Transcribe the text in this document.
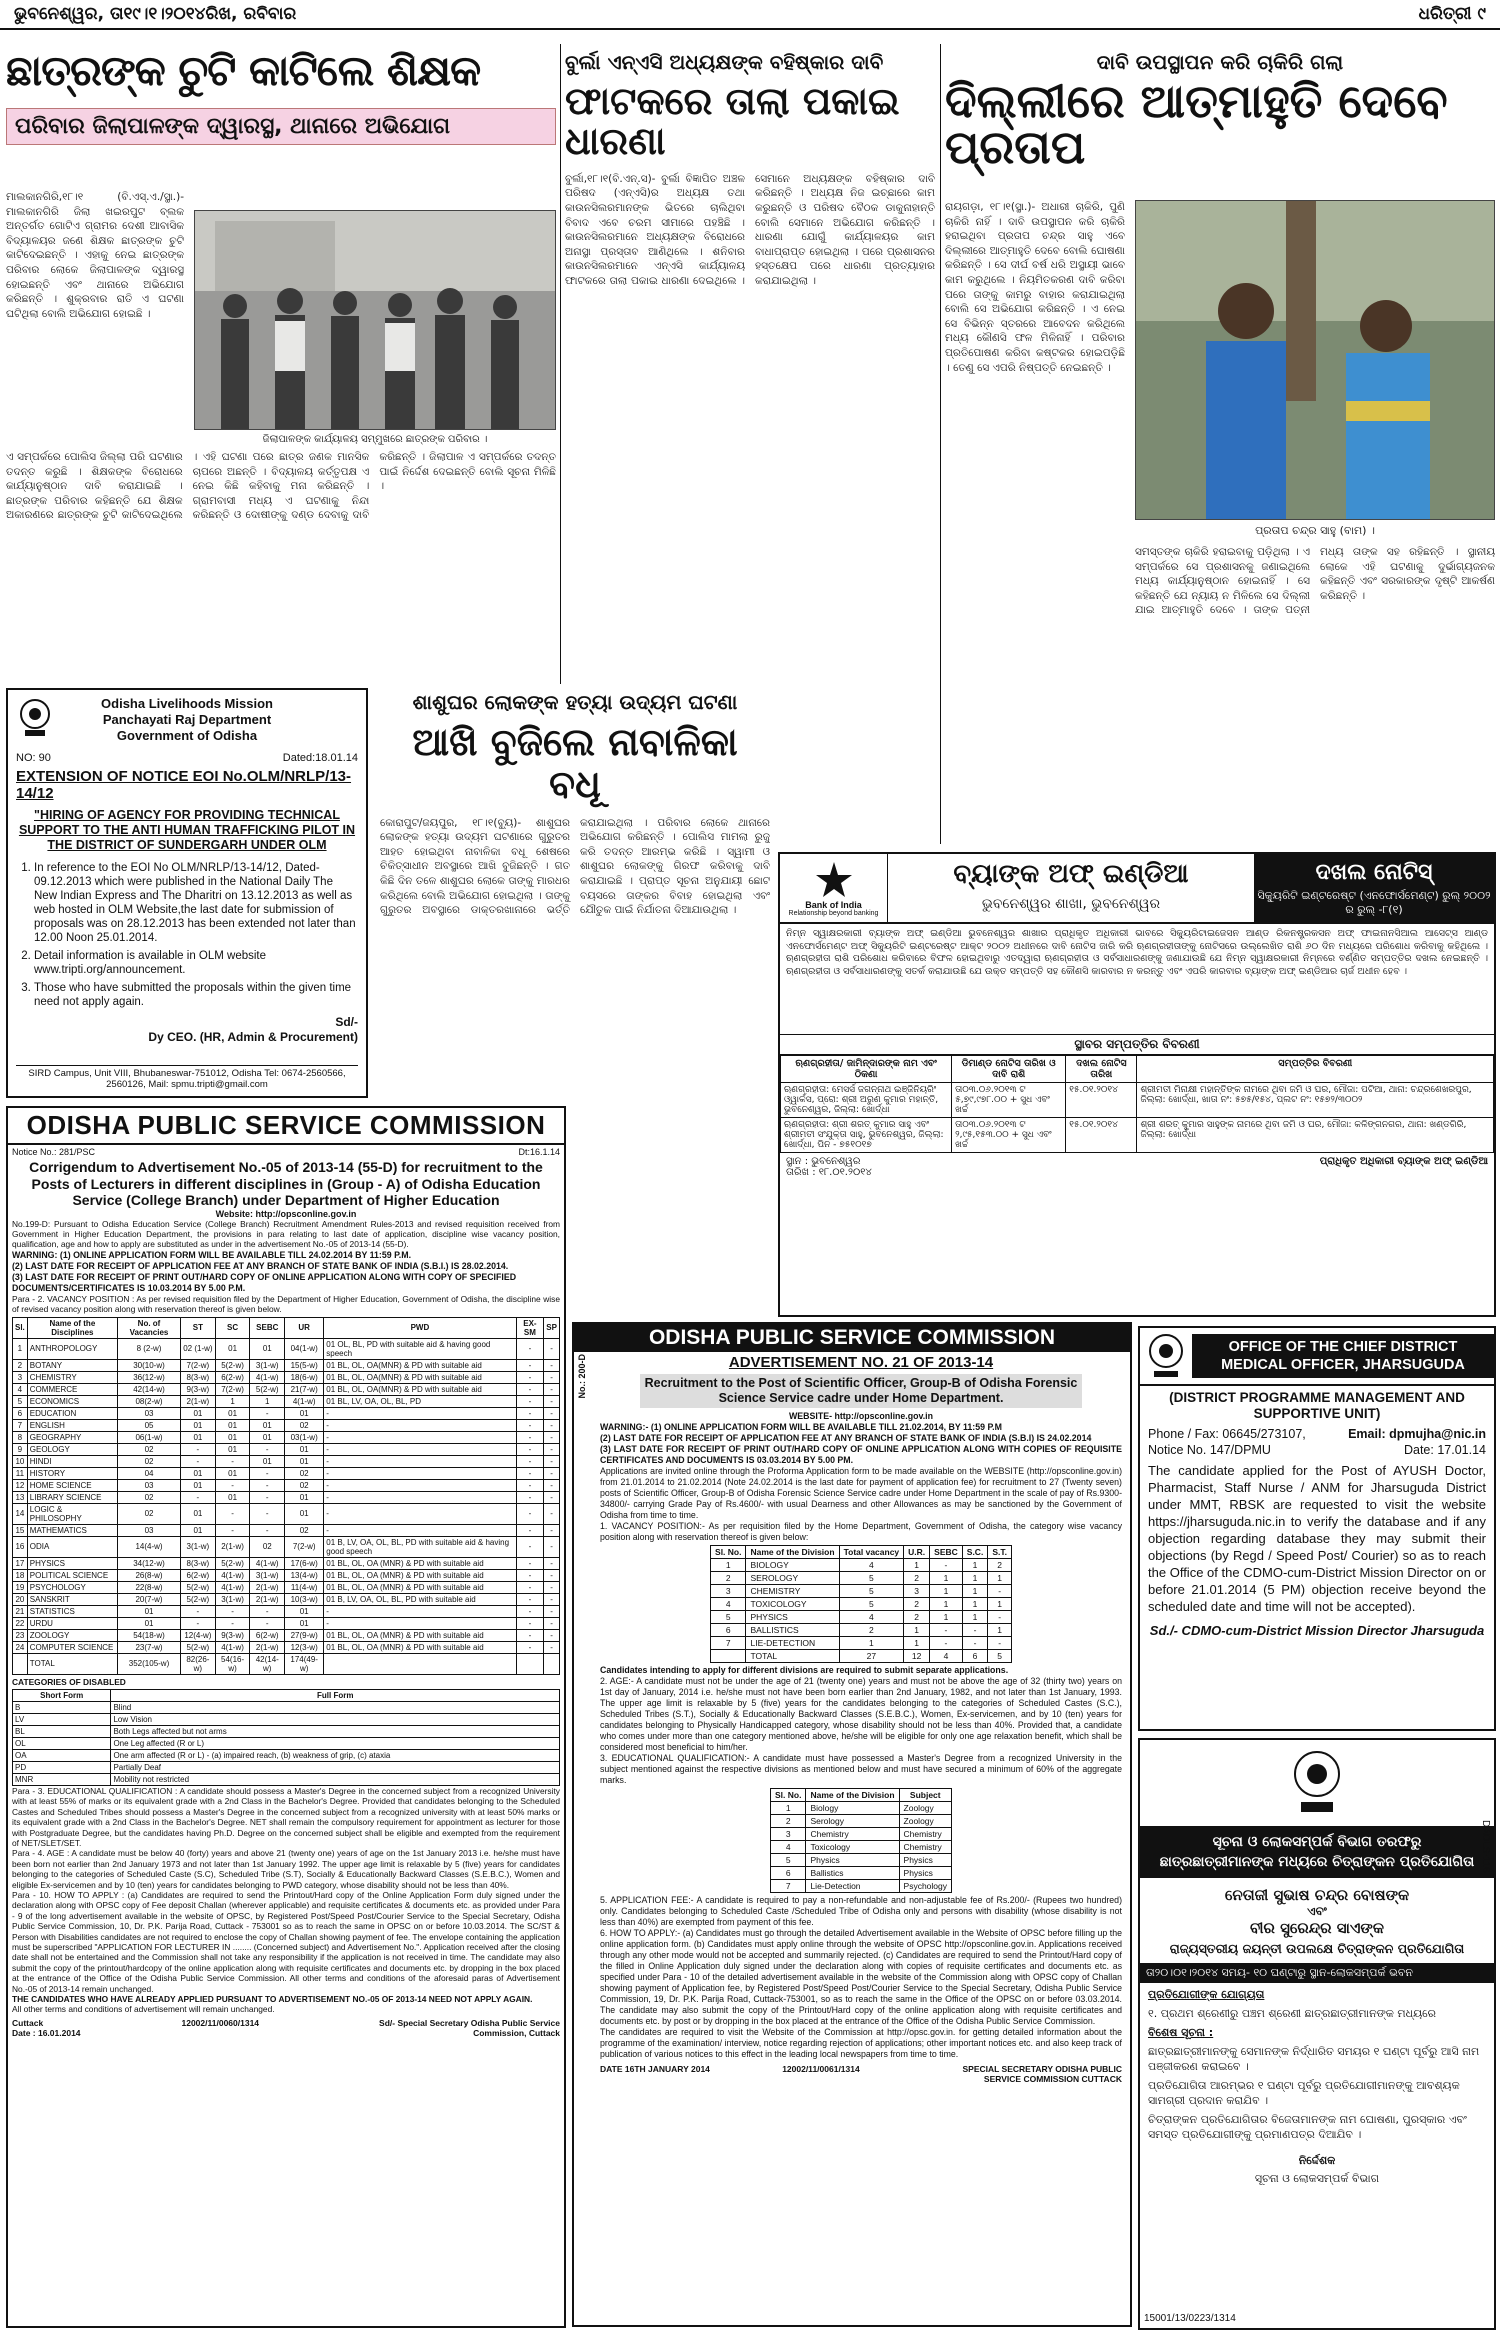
ଭୁବନେଶ୍ୱର, ତା୧୯।୧।୨୦୧୪ରିଖ, ରବିବାର	ଧରିତ୍ରୀ ୯
ଛାତ୍ରଙ୍କ ଚୁଟି କାଟିଲେ ଶିକ୍ଷକ
ପରିବାର ଜିଲାପାଳଙ୍କ ଦ୍ୱାରସ୍ଥ, ଥାନାରେ ଅଭିଯୋଗ
ମାଲକାନଗିରି,୧୮।୧ (ବି.ଏସ୍.ଏ./ସ୍ଥା.)- ମାଲକାନଗିରି ଜିଲା ଖଇରପୁଟ ବ୍ଲକ ଅନ୍ତର୍ଗତ ଗୋଟିଏ ଗ୍ରାମର ଦେଶୀ ଆବାସିକ ବିଦ୍ୟାଳୟର ଜଣେ ଶିକ୍ଷକ ଛାତ୍ରଙ୍କ ଚୁଟି କାଟିଦେଇଛନ୍ତି । ଏହାକୁ ନେଇ ଛାତ୍ରଙ୍କ ପରିବାର ଲୋକେ ଜିଲାପାଳଙ୍କ ଦ୍ୱାରସ୍ଥ ହୋଇଛନ୍ତି ଏବଂ ଥାନାରେ ଅଭିଯୋଗ କରିଛନ୍ତି । ଶୁକ୍ରବାର ରାତି ଏ ଘଟଣା ଘଟିଥିଲା ବୋଲି ଅଭିଯୋଗ ହୋଇଛି ।
ଜିଲାପାଳଙ୍କ କାର୍ଯ୍ୟାଳୟ ସମ୍ମୁଖରେ ଛାତ୍ରଙ୍କ ପରିବାର ।
ଏ ସମ୍ପର୍କରେ ପୋଲିସ ଜିଲ୍ଲା ପରି ଘଟଣାର ତଦନ୍ତ କରୁଛି । ଶିକ୍ଷକଙ୍କ ବିରୋଧରେ କାର୍ଯ୍ୟାନୁଷ୍ଠାନ ଦାବି କରାଯାଇଛି । ଛାତ୍ରଙ୍କ ପରିବାର କହିଛନ୍ତି ଯେ ଶିକ୍ଷକ ଅକାରଣରେ ଛାତ୍ରଙ୍କ ଚୁଟି କାଟିଦେଇଥିଲେ । ଏହି ଘଟଣା ପରେ ଛାତ୍ର ଜଣକ ମାନସିକ ଚାପରେ ଅଛନ୍ତି । ବିଦ୍ୟାଳୟ କର୍ତ୍ତୃପକ୍ଷ ଏ ନେଇ କିଛି କହିବାକୁ ମନା କରିଛନ୍ତି । ଗ୍ରାମବାସୀ ମଧ୍ୟ ଏ ଘଟଣାକୁ ନିନ୍ଦା କରିଛନ୍ତି ଓ ଦୋଷୀଙ୍କୁ ଦଣ୍ଡ ଦେବାକୁ ଦାବି କରିଛନ୍ତି । ଜିଲାପାଳ ଏ ସମ୍ପର୍କରେ ତଦନ୍ତ ପାଇଁ ନିର୍ଦ୍ଦେଶ ଦେଇଛନ୍ତି ବୋଲି ସୂଚନା ମିଳିଛି ।
ବୁର୍ଲା ଏନ୍‌ଏସି ଅଧ୍ୟକ୍ଷଙ୍କ ବହିଷ୍କାର ଦାବି
ଫାଟକରେ ତାଲା ପକାଇ ଧାରଣା
ବୁର୍ଲା,୧୮।୧(ବି.ଏନ୍.ସ)- ବୁର୍ଲା ବିଜ୍ଞାପିତ ଅଞ୍ଚଳ ପରିଷଦ (ଏନ୍‌ଏସି)ର ଅଧ୍ୟକ୍ଷ ତଥା କାଉନସିଲରମାନଙ୍କ ଭିତରେ ଚାଲିଥିବା ବିବାଦ ଏବେ ଚରମ ସୀମାରେ ପହଞ୍ଚିଛି । କାଉନସିଲରମାନେ ଅଧ୍ୟକ୍ଷଙ୍କ ବିରୋଧରେ ଅନାସ୍ଥା ପ୍ରସ୍ତାବ ଆଣିଥିଲେ । ଶନିବାର କାଉନସିଲରମାନେ ଏନ୍‌ଏସି କାର୍ଯ୍ୟାଳୟ ଫାଟକରେ ତାଲା ପକାଇ ଧାରଣା ଦେଇଥିଲେ । ସେମାନେ ଅଧ୍ୟକ୍ଷଙ୍କ ବହିଷ୍କାର ଦାବି କରିଛନ୍ତି । ଅଧ୍ୟକ୍ଷ ନିଜ ଇଚ୍ଛାରେ କାମ କରୁଛନ୍ତି ଓ ପରିଷଦ ବୈଠକ ଡାକୁନାହାନ୍ତି ବୋଲି ସେମାନେ ଅଭିଯୋଗ କରିଛନ୍ତି । ଧାରଣା ଯୋଗୁଁ କାର୍ଯ୍ୟାଳୟର କାମ ବାଧାପ୍ରାପ୍ତ ହୋଇଥିଲା । ପରେ ପ୍ରଶାସନର ହସ୍ତକ୍ଷେପ ପରେ ଧାରଣା ପ୍ରତ୍ୟାହାର କରାଯାଇଥିଲା ।
ଦାବି ଉପସ୍ଥାପନ କରି ଚାକିରି ଗଲା
ଦିଲ୍ଲୀରେ ଆତ୍ମାହୁତି ଦେବେ ପ୍ରତାପ
ରାୟଗଡ଼ା, ୧୮।୧(ସ୍ଥା.)- ଅଧାରୀ ଚାକିରି, ପୁଣି ଚାକିରି ନାହିଁ । ଦାବି ଉପସ୍ଥାପନ କରି ଚାକିରି ହରାଇଥିବା ପ୍ରତାପ ଚନ୍ଦ୍ର ସାହୁ ଏବେ ଦିଲ୍ଲୀରେ ଆତ୍ମାହୁତି ଦେବେ ବୋଲି ଘୋଷଣା କରିଛନ୍ତି । ସେ ଦୀର୍ଘ ବର୍ଷ ଧରି ଅସ୍ଥାୟୀ ଭାବେ କାମ କରୁଥିଲେ । ନିୟମିତକରଣ ଦାବି କରିବା ପରେ ତାଙ୍କୁ କାମରୁ ବାହାର କରାଯାଇଥିଲା ବୋଲି ସେ ଅଭିଯୋଗ କରିଛନ୍ତି । ଏ ନେଇ ସେ ବିଭିନ୍ନ ସ୍ତରରେ ଆବେଦନ କରିଥିଲେ ମଧ୍ୟ କୌଣସି ଫଳ ମିଳିନାହିଁ । ପରିବାର ପ୍ରତିପୋଷଣ କରିବା କଷ୍ଟକର ହୋଇପଡ଼ିଛି । ତେଣୁ ସେ ଏପରି ନିଷ୍ପତ୍ତି ନେଇଛନ୍ତି ।
ପ୍ରତାପ ଚନ୍ଦ୍ର ସାହୁ (ବାମ) ।
ସମସ୍ତଙ୍କ ଚାକିରି ହରାଇବାକୁ ପଡ଼ିଥିଲା । ଏ ସମ୍ପର୍କରେ ସେ ପ୍ରଶାସନକୁ ଜଣାଇଥିଲେ ମଧ୍ୟ କାର୍ଯ୍ୟାନୁଷ୍ଠାନ ହୋଇନାହିଁ । ସେ କହିଛନ୍ତି ଯେ ନ୍ୟାୟ ନ ମିଳିଲେ ସେ ଦିଲ୍ଲୀ ଯାଇ ଆତ୍ମାହୁତି ଦେବେ । ତାଙ୍କ ପତ୍ନୀ ମଧ୍ୟ ତାଙ୍କ ସହ ରହିଛନ୍ତି । ସ୍ଥାନୀୟ ଲୋକେ ଏହି ଘଟଣାକୁ ଦୁର୍ଭାଗ୍ୟଜନକ କହିଛନ୍ତି ଏବଂ ସରକାରଙ୍କ ଦୃଷ୍ଟି ଆକର୍ଷଣ କରିଛନ୍ତି ।
Odisha Livelihoods Mission
Panchayati Raj Department
Government of Odisha
NO: 90	Dated:18.01.14
EXTENSION OF NOTICE EOI No.OLM/NRLP/13-14/12
"HIRING OF AGENCY FOR PROVIDING TECHNICAL SUPPORT TO THE ANTI HUMAN TRAFFICKING PILOT IN THE DISTRICT OF SUNDERGARH UNDER OLM
1. In reference to the EOI No OLM/NRLP/13-14/12, Dated- 09.12.2013 which were published in the National Daily The New Indian Express and The Dharitri on 13.12.2013 as well as web hosted in OLM Website,the last date for submission of proposals was on 28.12.2013 has been extended not later than 12.00 Noon 25.01.2014.
2. Detail information is available in OLM website www.tripti.org/announcement.
3. Those who have submitted the proposals within the given time need not apply again.
Sd/-
Dy CEO. (HR, Admin & Procurement)
SIRD Campus, Unit VIII, Bhubaneswar-751012, Odisha Tel: 0674-2560566, 2560126, Mail: spmu.tripti@gmail.com
ଶାଶୁଘର ଲୋକଙ୍କ ହତ୍ୟା ଉଦ୍ୟମ ଘଟଣା
ଆଖି ବୁଜିଲେ ନାବାଳିକା ବଧୂ
କୋରାପୁଟ/ଜୟପୁର, ୧୮।୧(ବ୍ୟୁ)- ଶାଶୁଘର ଲୋକଙ୍କ ହତ୍ୟା ଉଦ୍ୟମ ଘଟଣାରେ ଗୁରୁତର ଆହତ ହୋଇଥିବା ନାବାଳିକା ବଧୂ ଶେଷରେ ଚିକିତ୍ସାଧୀନ ଅବସ୍ଥାରେ ଆଖି ବୁଜିଛନ୍ତି । ଗତ କିଛି ଦିନ ତଳେ ଶାଶୁଘର ଲୋକେ ତାଙ୍କୁ ମାରଧର କରିଥିଲେ ବୋଲି ଅଭିଯୋଗ ହୋଇଥିଲା । ତାଙ୍କୁ ଗୁରୁତର ଅବସ୍ଥାରେ ଡାକ୍ତରଖାନାରେ ଭର୍ତ୍ତି କରାଯାଇଥିଲା । ପରିବାର ଲୋକେ ଥାନାରେ ଅଭିଯୋଗ କରିଛନ୍ତି । ପୋଲିସ ମାମଲା ରୁଜୁ କରି ତଦନ୍ତ ଆରମ୍ଭ କରିଛି । ସ୍ୱାମୀ ଓ ଶାଶୁଘର ଲୋକଙ୍କୁ ଗିରଫ କରିବାକୁ ଦାବି କରାଯାଇଛି । ପ୍ରାପ୍ତ ସୂଚନା ଅନୁଯାୟୀ ଛୋଟ ବୟସରେ ତାଙ୍କର ବିବାହ ହୋଇଥିଲା ଏବଂ ଯୌତୁକ ପାଇଁ ନିର୍ଯାତନା ଦିଆଯାଉଥିଲା ।	Bank of India
Relationship beyond banking
ବ୍ୟାଙ୍କ ଅଫ୍ ଇଣ୍ଡିଆ
ଭୁବନେଶ୍ୱର ଶାଖା, ଭୁବନେଶ୍ୱର
ଦଖଲ ନୋଟିସ୍
ସିକ୍ୟୁରିଟି ଇଣ୍ଟରେଷ୍ଟ (ଏନଫୋର୍ସମେଣ୍ଟ) ରୁଲ୍ ୨୦୦୨ ର ରୁଲ୍ -୮(୧)
ନିମ୍ନ ସ୍ୱାକ୍ଷରକାରୀ ବ୍ୟାଙ୍କ ଅଫ୍ ଇଣ୍ଡିଆ ଭୁବନେଶ୍ୱର ଶାଖାର ପ୍ରାଧିକୃତ ଅଧିକାରୀ ଭାବରେ ସିକ୍ୟୁରିଟାଇଜେସନ ଆଣ୍ଡ ରିକନଷ୍ଟ୍ରକସନ ଅଫ୍ ଫାଇନାନସିଆଲ ଆସେଟ୍ସ ଆଣ୍ଡ ଏନଫୋର୍ସମେଣ୍ଟ ଅଫ୍ ସିକ୍ୟୁରିଟି ଇଣ୍ଟରେଷ୍ଟ ଆକ୍ଟ ୨୦୦୨ ଅଧୀନରେ ଦାବି ନୋଟିସ ଜାରି କରି ଋଣଗ୍ରହୀତାଙ୍କୁ ନୋଟିସରେ ଉଲ୍ଲେଖିତ ରାଶି ୬୦ ଦିନ ମଧ୍ୟରେ ପରିଶୋଧ କରିବାକୁ କହିଥିଲେ । ଋଣଗ୍ରହୀତା ରାଶି ପରିଶୋଧ କରିବାରେ ବିଫଳ ହୋଇଥିବାରୁ ଏତଦ୍ୱାରା ଋଣଗ୍ରହୀତା ଓ ସର୍ବସାଧାରଣଙ୍କୁ ଜଣାଯାଉଛି ଯେ ନିମ୍ନ ସ୍ୱାକ୍ଷରକାରୀ ନିମ୍ନରେ ବର୍ଣ୍ଣିତ ସମ୍ପତ୍ତିର ଦଖଲ ନେଇଛନ୍ତି । ଋଣଗ୍ରହୀତା ଓ ସର୍ବସାଧାରଣଙ୍କୁ ସତର୍କ କରାଯାଉଛି ଯେ ଉକ୍ତ ସମ୍ପତ୍ତି ସହ କୌଣସି କାରବାର ନ କରନ୍ତୁ ଏବଂ ଏପରି କାରବାର ବ୍ୟାଙ୍କ ଅଫ୍ ଇଣ୍ଡିଆର ଚାର୍ଜ ଅଧୀନ ହେବ ।
ସ୍ଥାବର ସମ୍ପତ୍ତିର ବିବରଣୀ
ଋଣଗ୍ରହୀତା/ ଜାମିନ୍‌ଦାରଙ୍କ ନାମ ଏବଂ ଠିକଣା	ଡିମାଣ୍ଡ ନୋଟିସ ତାରିଖ ଓ ଦାବି ରାଶି	ଦଖଲ ନୋଟିସ ତାରିଖ	ସମ୍ପତ୍ତିର ବିବରଣୀ
ଋଣଗ୍ରହୀତା: ମେସର୍ସ ଜଗନ୍ନାଥ ଇଞ୍ଜିନିୟରିଂ ଓ୍ୱାର୍କସ, ପ୍ରୋ: ଶ୍ରୀ ଅରୁଣ କୁମାର ମହାନ୍ତି, ଭୁବନେଶ୍ୱର, ଜିଲ୍ଲା: ଖୋର୍ଦ୍ଧା	ତା୦୩.୦୬.୨୦୧୩ ଟ ୫,୭୯,୯୭୮.୦୦ + ସୁଧ ଏବଂ ଖର୍ଚ୍ଚ	୧୫.୦୧.୨୦୧୪	ଶ୍ରୀମତୀ ମିନାକ୍ଷୀ ମହାନ୍ତିଙ୍କ ନାମରେ ଥିବା ଜମି ଓ ଘର, ମୌଜା: ପଟିଆ, ଥାନା: ଚନ୍ଦ୍ରଶେଖରପୁର, ଜିଲ୍ଲା: ଖୋର୍ଦ୍ଧା, ଖାତା ନଂ: ୫୭୫/୧୫୪, ପ୍ଲଟ ନଂ: ୧୫୭୨/୩୦୦୨
ଋଣଗ୍ରହୀତା: ଶ୍ରୀ ଶରତ୍ କୁମାର ସାହୁ ଏବଂ ଶ୍ରୀମତୀ ସଂଯୁକ୍ତା ସାହୁ, ଭୁବନେଶ୍ୱର, ଜିଲ୍ଲା: ଖୋର୍ଦ୍ଧା, ପିନ - ୭୫୧୦୧୭	ତା୦୩.୦୬.୨୦୧୩ ଟ ୨,୯୫,୧୫୩.୦୦ + ସୁଧ ଏବଂ ଖର୍ଚ୍ଚ	୧୫.୦୧.୨୦୧୪	ଶ୍ରୀ ଶରତ୍ କୁମାର ସାହୁଙ୍କ ନାମରେ ଥିବା ଜମି ଓ ଘର, ମୌଜା: କଳିଙ୍ଗନଗର, ଥାନା: ଖଣ୍ଡଗିରି, ଜିଲ୍ଲା: ଖୋର୍ଦ୍ଧା
ସ୍ଥାନ : ଭୁବନେଶ୍ୱର
ତାରିଖ : ୧୮.୦୧.୨୦୧୪
ପ୍ରାଧିକୃତ ଅଧିକାରୀ ବ୍ୟାଙ୍କ ଅଫ୍ ଇଣ୍ଡିଆ
ODISHA PUBLIC SERVICE COMMISSION
Notice No.: 281/PSC	Dt:16.1.14
Corrigendum to Advertisement No.-05 of 2013-14 (55-D) for recruitment to the Posts of Lecturers in different disciplines in (Group - A) of Odisha Education Service (College Branch) under Department of Higher Education
Website: http://opsconline.gov.in
No.199-D: Pursuant to Odisha Education Service (College Branch) Recruitment Amendment Rules-2013 and revised requisition received from Government in Higher Education Department, the provisions in para relating to last date of application, discipline wise vacancy position, qualification, age and how to apply are substituted as under in the advertisement No.-05 of 2013-14 (55-D).
WARNING: (1) ONLINE APPLICATION FORM WILL BE AVAILABLE TILL 24.02.2014 BY 11:59 P.M.
(2) LAST DATE FOR RECEIPT OF APPLICATION FEE AT ANY BRANCH OF STATE BANK OF INDIA (S.B.I.) IS 28.02.2014.
(3) LAST DATE FOR RECEIPT OF PRINT OUT/HARD COPY OF ONLINE APPLICATION ALONG WITH COPY OF SPECIFIED DOCUMENTS/CERTIFICATES IS 10.03.2014 BY 5.00 P.M.
Para - 2. VACANCY POSITION : As per revised requisition filed by the Department of Higher Education, Government of Odisha, the discipline wise of revised vacancy position along with reservation thereof is given below.
Sl.	Name of the Disciplines	No. of Vacancies	ST	SC	SEBC	UR	PWD	EX-SM	SP
1	ANTHROPOLOGY	8 (2-w)	02 (1-w)	01	01	04(1-w)	01 OL, BL, PD with suitable aid & having good speech	-	-
2	BOTANY	30(10-w)	7(2-w)	5(2-w)	3(1-w)	15(5-w)	01 BL, OL, OA(MNR) & PD with suitable aid	-	-
3	CHEMISTRY	36(12-w)	8(3-w)	6(2-w)	4(1-w)	18(6-w)	01 BL, OL, OA(MNR) & PD with suitable aid	-	-
4	COMMERCE	42(14-w)	9(3-w)	7(2-w)	5(2-w)	21(7-w)	01 BL, OL, OA(MNR) & PD with suitable aid	-	-
5	ECONOMICS	08(2-w)	2(1-w)	1	1	4(1-w)	01 BL, LV, OA, OL, BL, PD	-	-
6	EDUCATION	03	01	01	-	01	-	-	-
7	ENGLISH	05	01	01	01	02	-	-	-
8	GEOGRAPHY	06(1-w)	01	01	01	03(1-w)	-	-	-
9	GEOLOGY	02	-	01	-	01	-	-	-
10	HINDI	02	-	-	01	01	-	-	-
11	HISTORY	04	01	01	-	02	-	-	-
12	HOME SCIENCE	03	01	-	-	02	-	-	-
13	LIBRARY SCIENCE	02	-	01	-	01	-	-	-
14	LOGIC & PHILOSOPHY	02	01	-	-	01	-	-	-
15	MATHEMATICS	03	01	-	-	02	-	-	-
16	ODIA	14(4-w)	3(1-w)	2(1-w)	02	7(2-w)	01 B, LV, OA, OL, BL, PD with suitable aid & having good speech	-	-
17	PHYSICS	34(12-w)	8(3-w)	5(2-w)	4(1-w)	17(6-w)	01 BL, OL, OA (MNR) & PD with suitable aid	-	-
18	POLITICAL SCIENCE	26(8-w)	6(2-w)	4(1-w)	3(1-w)	13(4-w)	01 BL, OL, OA (MNR) & PD with suitable aid	-	-
19	PSYCHOLOGY	22(8-w)	5(2-w)	4(1-w)	2(1-w)	11(4-w)	01 BL, OL, OA (MNR) & PD with suitable aid	-	-
20	SANSKRIT	20(7-w)	5(2-w)	3(1-w)	2(1-w)	10(3-w)	01 B, LV, OA, OL, BL, PD with suitable aid	-	-
21	STATISTICS	01	-	-	-	01	-	-	-
22	URDU	01	-	-	-	01	-	-	-
23	ZOOLOGY	54(18-w)	12(4-w)	9(3-w)	6(2-w)	27(9-w)	01 BL, OL, OA (MNR) & PD with suitable aid	-	-
24	COMPUTER SCIENCE	23(7-w)	5(2-w)	4(1-w)	2(1-w)	12(3-w)	01 BL, OL, OA (MNR) & PD with suitable aid	-	-
	TOTAL	352(105-w)	82(26-w)	54(16-w)	42(14-w)	174(49-w)			
CATEGORIES OF DISABLED
Short Form	Full Form
B	Blind
LV	Low Vision
BL	Both Legs affected but not arms
OL	One Leg affected (R or L)
OA	One arm affected (R or L) - (a) impaired reach, (b) weakness of grip, (c) ataxia
PD	Partially Deaf
MNR	Mobility not restricted
Para - 3. EDUCATIONAL QUALIFICATION : A candidate should possess a Master's Degree in the concerned subject from a recognized University with at least 55% of marks or its equivalent grade with a 2nd Class in the Bachelor's Degree. Provided that candidates belonging to the Scheduled Castes and Scheduled Tribes should possess a Master's Degree in the concerned subject from a recognized university with at least 50% marks or its equivalent grade with a 2nd Class in the Bachelor's Degree. NET shall remain the compulsory requirement for appointment as lecturer for those with Postgraduate Degree, but the candidates having Ph.D. Degree on the concerned subject shall be eligible and exempted from the requirement of NET/SLET/SET.
Para - 4. AGE : A candidate must be below 40 (forty) years and above 21 (twenty one) years of age on the 1st January 2013 i.e. he/she must have been born not earlier than 2nd January 1973 and not later than 1st January 1992. The upper age limit is relaxable by 5 (five) years for candidates belonging to the categories of Scheduled Caste (S.C), Scheduled Tribe (S.T), Socially & Educationally Backward Classes (S.E.B.C.), Women and eligible Ex-servicemen and by 10 (ten) years for candidates belonging to PWD category, whose disability should not be less than 40%.
Para - 10. HOW TO APPLY : (a) Candidates are required to send the Printout/Hard copy of the Online Application Form duly signed under the declaration along with OPSC copy of Fee deposit Challan (wherever applicable) and requisite certificates & documents etc. as provided under Para - 9 of the long advertisement available in the website of OPSC, by Registered Post/Speed Post/Courier Service to the Special Secretary, Odisha Public Service Commission, 10, Dr. P.K. Parija Road, Cuttack - 753001 so as to reach the same in OPSC on or before 10.03.2014. The SC/ST & Person with Disabilities candidates are not required to enclose the copy of Challan showing payment of fee. The envelope containing the application must be superscribed "APPLICATION FOR LECTURER IN ........ (Concerned subject) and Advertisement No.". Application received after the closing date shall not be entertained and the Commission shall not take any responsibility if the application is not received in time. The candidate may also submit the copy of the printout/hardcopy of the online application along with requisite certificates and documents etc. by dropping in the box placed at the entrance of the Office of the Odisha Public Service Commission. All other terms and conditions of the aforesaid paras of Advertisement No.-05 of 2013-14 remain unchanged.
THE CANDIDATES WHO HAVE ALREADY APPLIED PURSUANT TO ADVERTISEMENT NO.-05 OF 2013-14 NEED NOT APPLY AGAIN.
All other terms and conditions of advertisement will remain unchanged.
Cuttack
Date : 16.01.2014
12002/11/0060/1314	Sd/- Special Secretary Odisha Public Service Commission, Cuttack
ODISHA PUBLIC SERVICE COMMISSION
No.: 200-D	ADVERTISEMENT NO. 21 OF 2013-14
Recruitment to the Post of Scientific Officer, Group-B of Odisha Forensic Science Service cadre under Home Department.
WEBSITE- http://opsconline.gov.in
WARNING:- (1) ONLINE APPLICATION FORM WILL BE AVAILABLE TILL 21.02.2014, BY 11:59 P.M
(2) LAST DATE FOR RECEIPT OF APPLICATION FEE AT ANY BRANCH OF STATE BANK OF INDIA (S.B.I) IS 24.02.2014
(3) LAST DATE FOR RECEIPT OF PRINT OUT/HARD COPY OF ONLINE APPLICATION ALONG WITH COPIES OF REQUISITE CERTIFICATES AND DOCUMENTS IS 03.03.2014 BY 5.00 PM.
Applications are invited online through the Proforma Application form to be made available on the WEBSITE (http://opsconline.gov.in) from 21.01.2014 to 21.02.2014 (Note 24.02.2014 is the last date for payment of application fee) for recruitment to 27 (Twenty seven) posts of Scientific Officer, Group-B of Odisha Forensic Science Service cadre under Home Department in the scale of pay of Rs.9300-34800/- carrying Grade Pay of Rs.4600/- with usual Dearness and other Allowances as may be sanctioned by the Government of Odisha from time to time.
1. VACANCY POSITION:- As per requisition filed by the Home Department, Government of Odisha, the category wise vacancy position along with reservation thereof is given below:
Sl. No.	Name of the Division	Total vacancy	U.R.	SEBC	S.C.	S.T.
1	BIOLOGY	4	1	-	1	2
2	SEROLOGY	5	2	1	1	1
3	CHEMISTRY	5	3	1	1	-
4	TOXICOLOGY	5	2	1	1	1
5	PHYSICS	4	2	1	1	-
6	BALLISTICS	2	1	-	-	1
7	LIE-DETECTION	1	1	-	-	-
	TOTAL	27	12	4	6	5
Candidates intending to apply for different divisions are required to submit separate applications.
2. AGE:- A candidate must not be under the age of 21 (twenty one) years and must not be above the age of 32 (thirty two) years on 1st day of January, 2014 i.e. he/she must not have been born earlier than 2nd January, 1982, and not later than 1st January, 1993. The upper age limit is relaxable by 5 (five) years for the candidates belonging to the categories of Scheduled Castes (S.C.), Scheduled Tribes (S.T.), Socially & Educationally Backward Classes (S.E.B.C.), Women, Ex-servicemen, and by 10 (ten) years for candidates belonging to Physically Handicapped category, whose disability should not be less than 40%. Provided that, a candidate who comes under more than one category mentioned above, he/she will be eligible for only one age relaxation benefit, which shall be considered most beneficial to him/her.
3. EDUCATIONAL QUALIFICATION:- A candidate must have possessed a Master's Degree from a recognized University in the subject mentioned against the respective divisions as mentioned below and must have secured a minimum of 60% of the aggregate marks.
Sl. No.	Name of the Division	Subject
1	Biology	Zoology
2	Serology	Zoology
3	Chemistry	Chemistry
4	Toxicology	Chemistry
5	Physics	Physics
6	Ballistics	Physics
7	Lie-Detection	Psychology
5. APPLICATION FEE:- A candidate is required to pay a non-refundable and non-adjustable fee of Rs.200/- (Rupees two hundred) only. Candidates belonging to Scheduled Caste /Scheduled Tribe of Odisha only and persons with disability (whose disability is not less than 40%) are exempted from payment of this fee.
6. HOW TO APPLY:- (a) Candidates must go through the detailed Advertisement available in the Website of OPSC before filling up the online application form. (b) Candidates must apply online through the website of OPSC http://opsconline.gov.in. Applications received through any other mode would not be accepted and summarily rejected. (c) Candidates are required to send the Printout/Hard copy of the filled in Online Application duly signed under the declaration along with copies of requisite certificates and documents etc. as specified under Para - 10 of the detailed advertisement available in the website of the Commission along with OPSC copy of Challan showing payment of Application fee, by Registered Post/Speed Post/Courier Service to the Special Secretary, Odisha Public Service Commission, 19, Dr. P.K. Parija Road, Cuttack-753001, so as to reach the same in the Office of the OPSC on or before 03.03.2014. The candidate may also submit the copy of the Printout/Hard copy of the online application along with requisite certificates and documents etc. by post or by dropping in the box placed at the entrance of the Office of the Odisha Public Service Commission.
The candidates are required to visit the Website of the Commission at http://opsc.gov.in. for getting detailed information about the programme of the examination/ interview, notice regarding rejection of applications; other important notices etc. and also keep track of publication of various notices to this effect in the leading local newspapers from time to time.
DATE 16TH JANUARY 2014	12002/11/0061/1314	SPECIAL SECRETARY ODISHA PUBLIC SERVICE COMMISSION CUTTACK
OFFICE OF THE CHIEF DISTRICT MEDICAL OFFICER, JHARSUGUDA
(DISTRICT PROGRAMME MANAGEMENT AND SUPPORTIVE UNIT)
Phone / Fax: 06645/273107,	Email: dpmujha@nic.in
Notice No. 147/DPMU	Date: 17.01.14
The candidate applied for the Post of AYUSH Doctor, Pharmacist, Staff Nurse / ANM for Jharsuguda District under MMT, RBSK are requested to visit the website https://jharsuguda.nic.in to verify the database and if any objection regarding database they may submit their objections (by Regd / Speed Post/ Courier) so as to reach the Office of the CDMO-cum-District Mission Director on or before 21.01.2014 (5 PM) objection receive beyond the scheduled date and time will not be accepted).
Sd./- CDMO-cum-District Mission Director Jharsuguda
DADLS-116
ସୂଚନା ଓ ଲୋକସମ୍ପର୍କ ବିଭାଗ ତରଫରୁ
ଛାତ୍ରଛାତ୍ରୀମାନଙ୍କ ମଧ୍ୟରେ ଚିତ୍ରାଙ୍କନ ପ୍ରତିଯୋଗିତା
ନେତାଜୀ ସୁଭାଷ ଚନ୍ଦ୍ର ବୋଷଙ୍କ
ଏବଂ
ବୀର ସୁରେନ୍ଦ୍ର ସାଏଙ୍କ
ରାଜ୍ୟସ୍ତରୀୟ ଜୟନ୍ତୀ ଉପଲକ୍ଷେ ଚିତ୍ରାଙ୍କନ ପ୍ରତିଯୋଗିତା
ତା୨୦।୦୧।୨୦୧୪ ସମୟ- ୧୦ ଘଣ୍ଟାରୁ ସ୍ଥାନ-ଲୋକସମ୍ପର୍କ ଭବନ

ପ୍ରତିଯୋଗୀଙ୍କ ଯୋଗ୍ୟତା

୧. ପ୍ରଥମ ଶ୍ରେଣୀରୁ ପଞ୍ଚମ ଶ୍ରେଣୀ ଛାତ୍ରଛାତ୍ରୀମାନଙ୍କ ମଧ୍ୟରେ

ବିଶେଷ ସୂଚନା :

ଛାତ୍ରଛାତ୍ରୀମାନଙ୍କୁ ସେମାନଙ୍କ ନିର୍ଦ୍ଧାରିତ ସମୟର ୧ ଘଣ୍ଟା ପୂର୍ବରୁ ଆସି ନାମ ପଞ୍ଜୀକରଣ କରାଇବେ ।

ପ୍ରତିଯୋଗିତା ଆରମ୍ଭର ୧ ଘଣ୍ଟା ପୂର୍ବରୁ ପ୍ରତିଯୋଗୀମାନଙ୍କୁ ଆବଶ୍ୟକ ସାମଗ୍ରୀ ପ୍ରଦାନ କରାଯିବ ।

ଚିତ୍ରାଙ୍କନ ପ୍ରତିଯୋଗିତାର ବିଜେତାମାନଙ୍କ ନାମ ଘୋଷଣା, ପୁରସ୍କାର ଏବଂ ସମସ୍ତ ପ୍ରତିଯୋଗୀଙ୍କୁ ପ୍ରମାଣପତ୍ର ଦିଆଯିବ ।

ନିର୍ଦ୍ଦେଶକ
ସୂଚନା ଓ ଲୋକସମ୍ପର୍କ ବିଭାଗ
15001/13/0223/1314
